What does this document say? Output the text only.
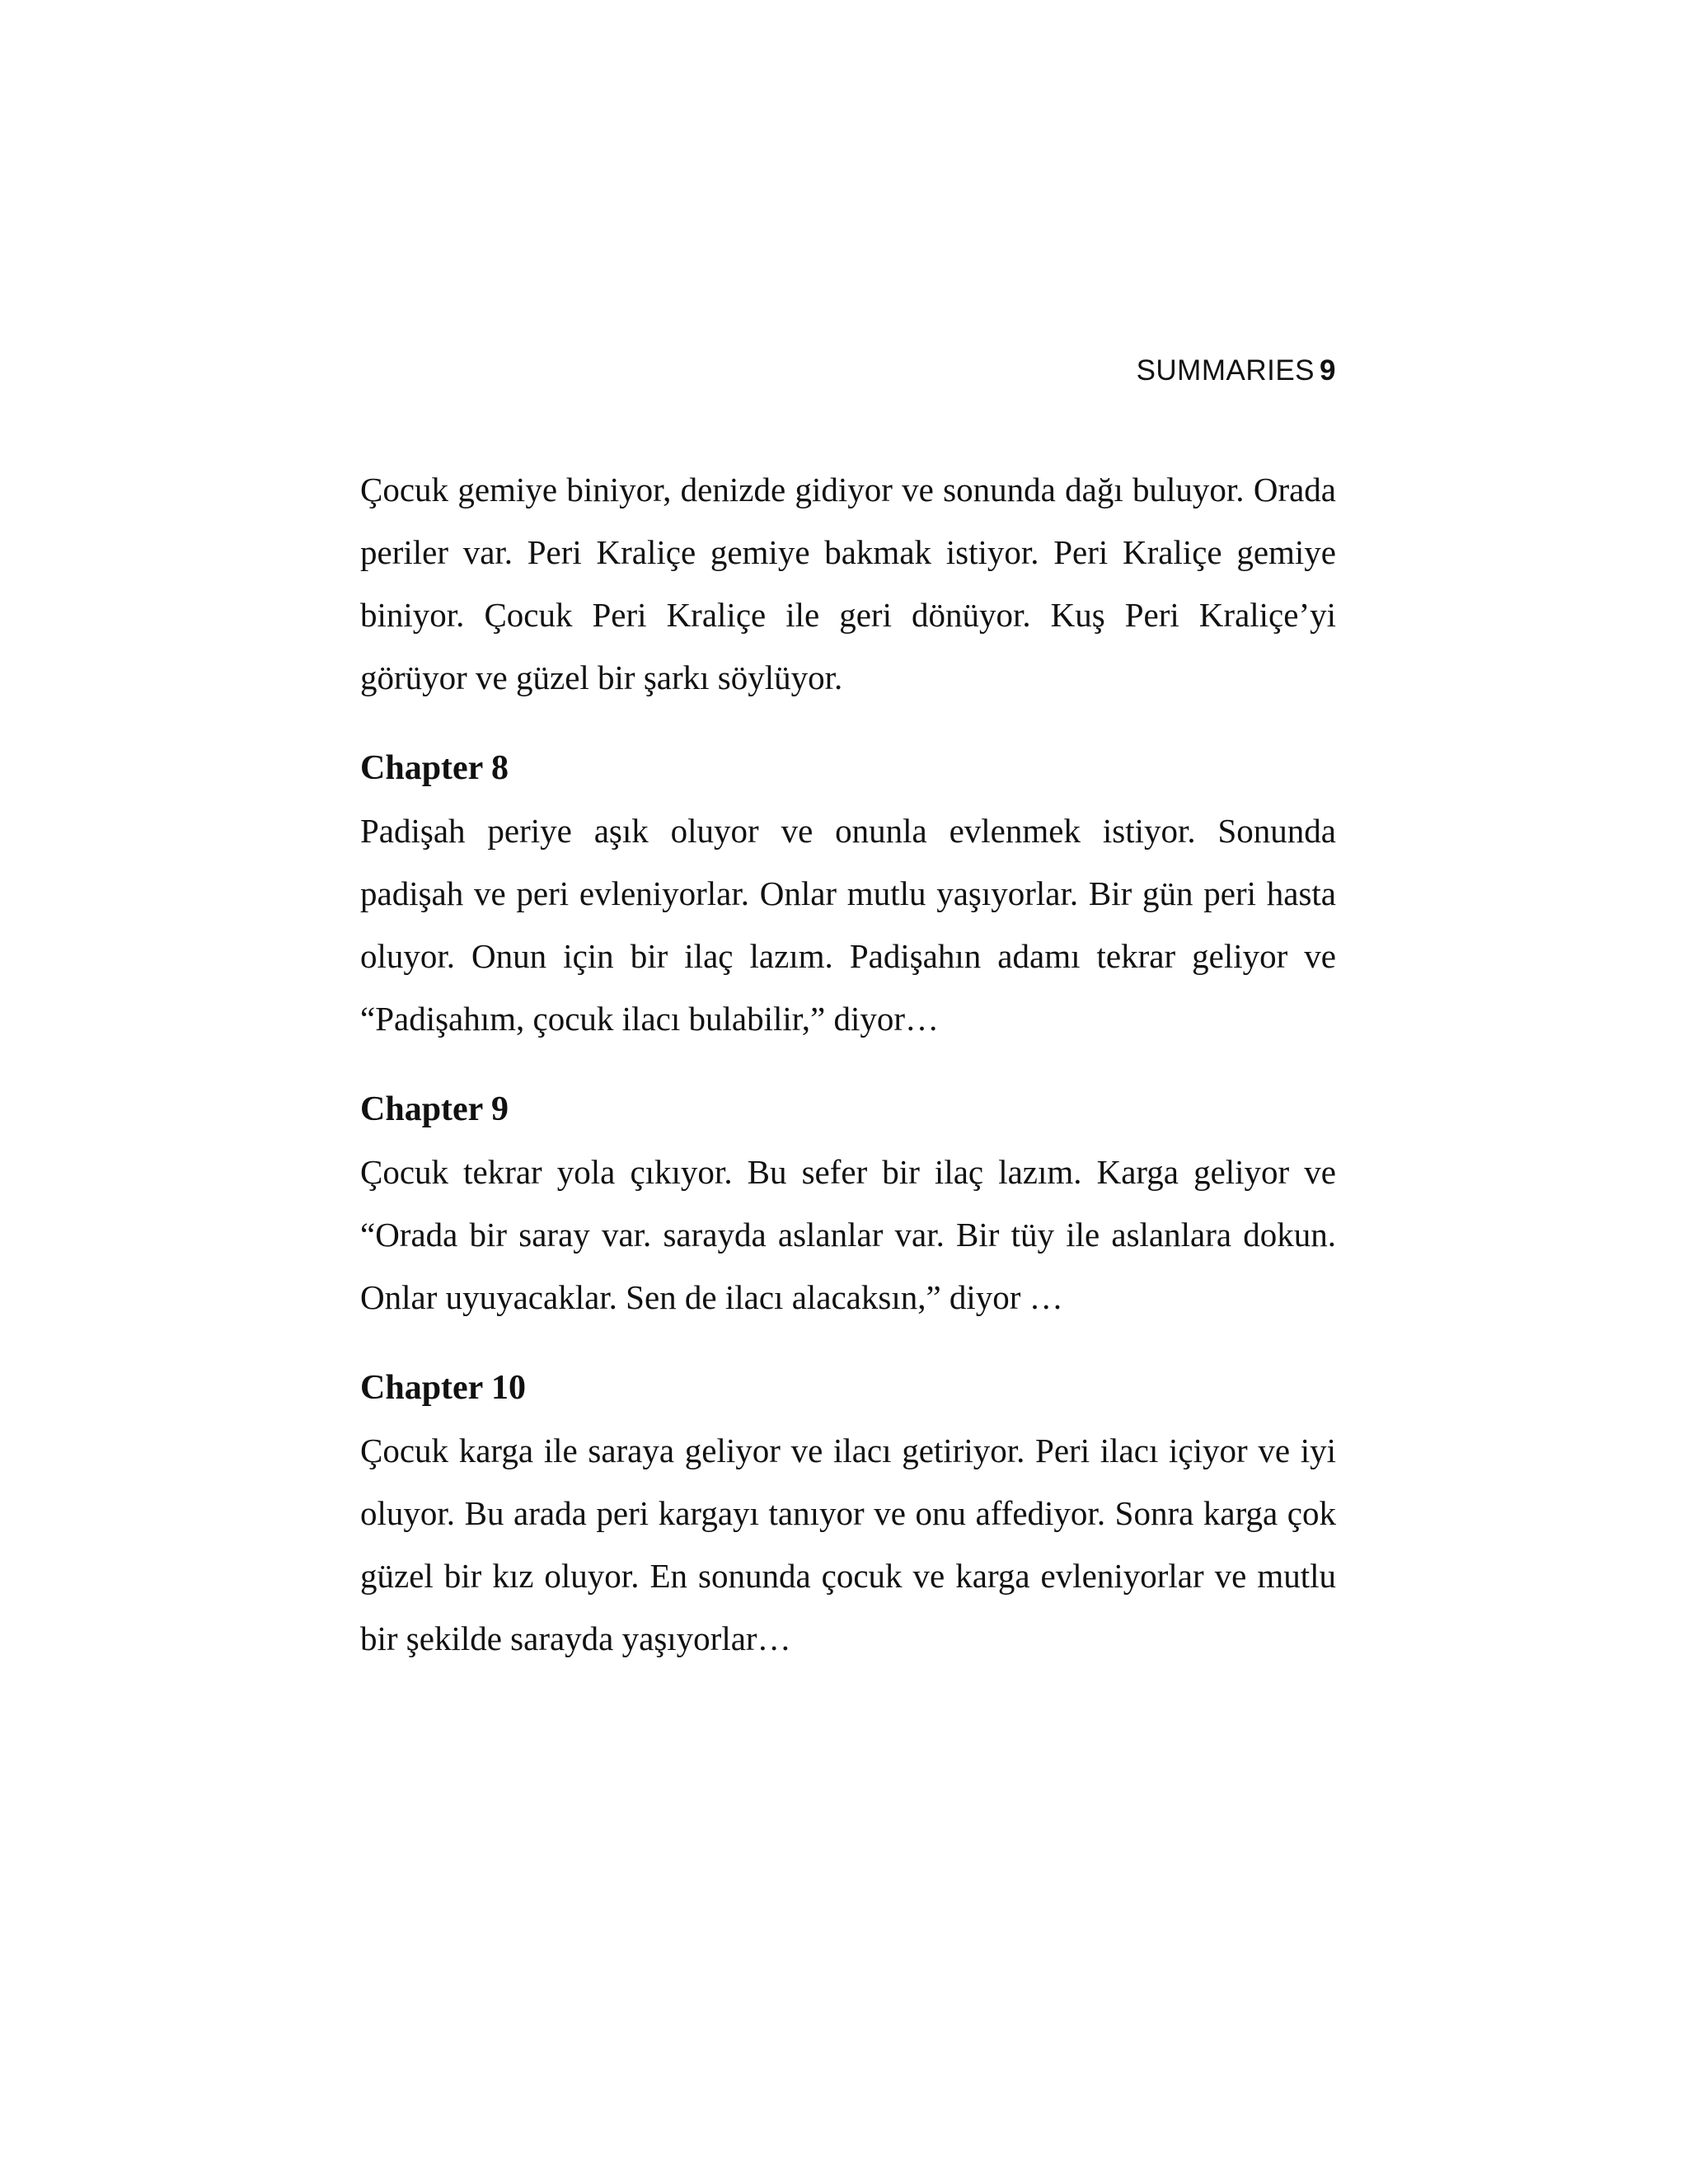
SUMMARIES 9

Çocuk gemiye biniyor, denizde gidiyor ve sonunda dağı buluyor. Orada periler var. Peri Kraliçe gemiye bakmak istiyor. Peri Kraliçe gemiye biniyor. Çocuk Peri Kraliçe ile geri dönüyor. Kuş Peri Kraliçe’yi görüyor ve güzel bir şarkı söylüyor.

Chapter 8

Padişah periye aşık oluyor ve onunla evlenmek istiyor. Sonunda padişah ve peri evleniyorlar. Onlar mutlu yaşıyorlar. Bir gün peri hasta oluyor. Onun için bir ilaç lazım. Padişahın adamı tekrar geliyor ve “Padişahım, çocuk ilacı bulabilir,” diyor…

Chapter 9

Çocuk tekrar yola çıkıyor. Bu sefer bir ilaç lazım. Karga geliyor ve “Orada bir saray var. sarayda aslanlar var. Bir tüy ile aslanlara dokun. Onlar uyuyacaklar. Sen de ilacı alacaksın,” diyor …

Chapter 10

Çocuk karga ile saraya geliyor ve ilacı getiriyor. Peri ilacı içiyor ve iyi oluyor. Bu arada peri kargayı tanıyor ve onu affediyor. Sonra karga çok güzel bir kız oluyor. En sonunda çocuk ve karga evleniyorlar ve mutlu bir şekilde sarayda yaşıyorlar…
